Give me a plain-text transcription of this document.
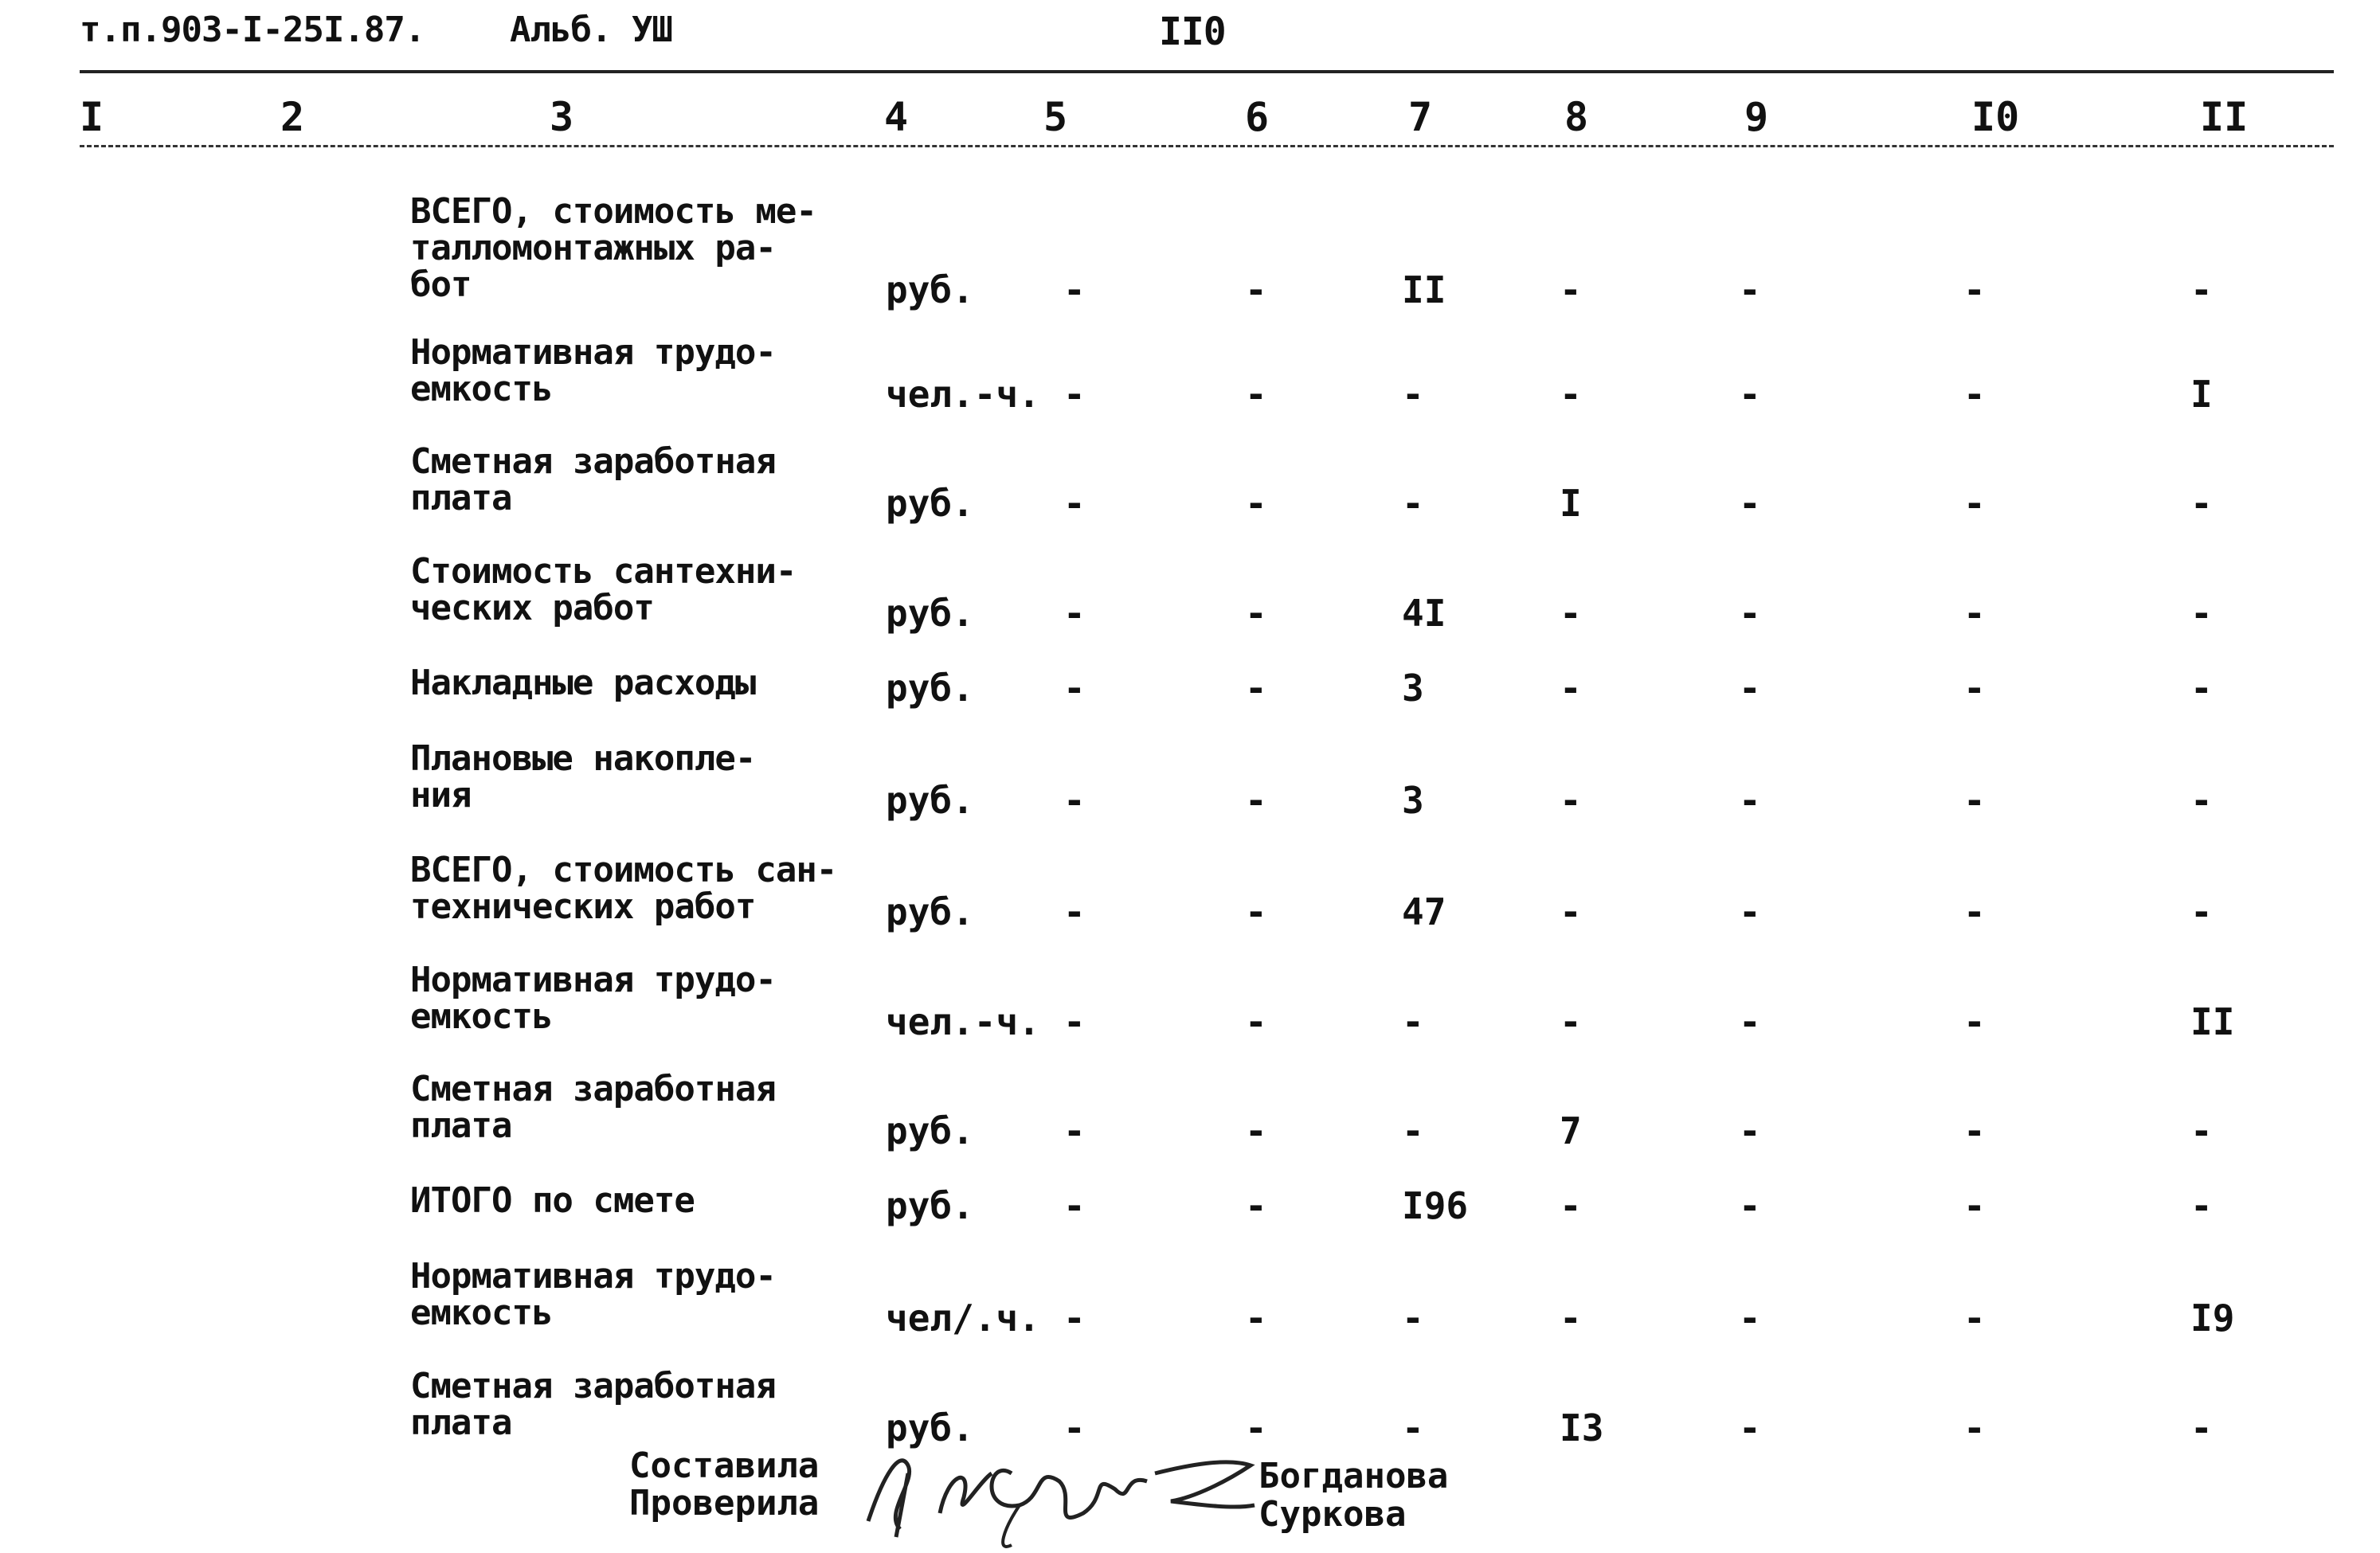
т.п.903-I-25I.87. Альб. УШ	II0
I	2	3	4	5	6	7	8	9	I0	II
ВСЕГО, стоимость ме-
талломонтажных ра-
бот	руб. -	-	II	-	-	-	-
Нормативная трудо-
емкость	чел.-ч. -	-	-	-	-	-	I
Сметная заработная
плата	руб. -	-	-	I	-	-	-
Стоимость сантехни-
ческих работ	руб. -	-	4I	-	-	-	-
Накладные расходы	руб. -	-	3	-	-	-	-
Плановые накопле-
ния	руб. -	-	3	-	-	-	-
ВСЕГО, стоимость сан-
технических работ	руб. -	-	47	-	-	-	-
Нормативная трудо-
емкость	чел.-ч. -	-	-	-	-	-	II
Сметная заработная
плата	руб. -	-	-	7	-	-	-
ИТОГО по смете	руб. -	-	I96 -	-	-	-
Нормативная трудо-
емкость	чел/.ч. -	-	-	-	-	-	I9
Сметная заработная
плата	руб. -	-	-	I3	-	-	-
Составила
Проверила
Богданова
Суркова
